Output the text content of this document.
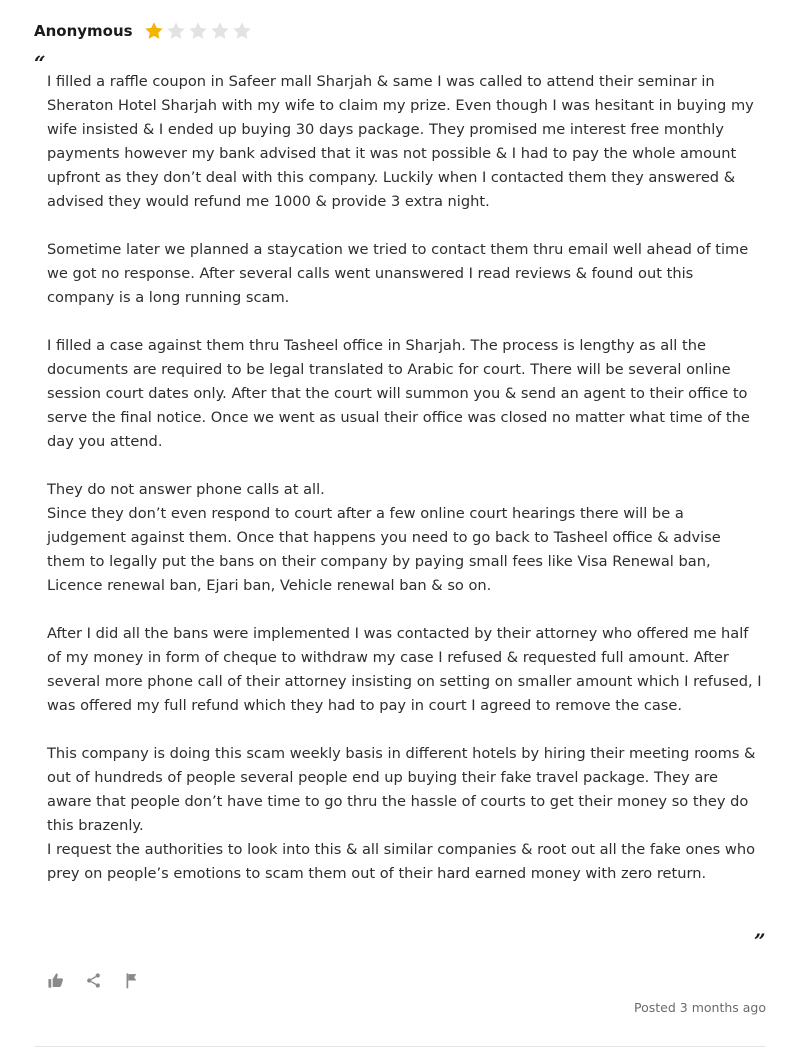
Anonymous
“

I filled a raffle coupon in Safeer mall Sharjah & same I was called to attend their seminar in Sheraton Hotel Sharjah with my wife to claim my prize. Even though I was hesitant in buying my wife insisted & I ended up buying 30 days package. They promised me interest free monthly payments however my bank advised that it was not possible & I had to pay the whole amount upfront as they don’t deal with this company. Luckily when I contacted them they answered & advised they would refund me 1000 & provide 3 extra night.

Sometime later we planned a staycation we tried to contact them thru email well ahead of time we got no response. After several calls went unanswered I read reviews & found out this company is a long running scam.

I filled a case against them thru Tasheel office in Sharjah. The process is lengthy as all the documents are required to be legal translated to Arabic for court. There will be several online session court dates only. After that the court will summon you & send an agent to their office to serve the final notice. Once we went as usual their office was closed no matter what time of the day you attend.

They do not answer phone calls at all.
Since they don’t even respond to court after a few online court hearings there will be a judgement against them. Once that happens you need to go back to Tasheel office & advise them to legally put the bans on their company by paying small fees like Visa Renewal ban, Licence renewal ban, Ejari ban, Vehicle renewal ban & so on.

After I did all the bans were implemented I was contacted by their attorney who offered me half of my money in form of cheque to withdraw my case I refused & requested full amount. After several more phone call of their attorney insisting on setting on smaller amount which I refused, I was offered my full refund which they had to pay in court I agreed to remove the case.

This company is doing this scam weekly basis in different hotels by hiring their meeting rooms & out of hundreds of people several people end up buying their fake travel package. They are aware that people don’t have time to go thru the hassle of courts to get their money so they do this brazenly.
I request the authorities to look into this & all similar companies & root out all the fake ones who prey on people’s emotions to scam them out of their hard earned money with zero return.

”
Posted 3 months ago
